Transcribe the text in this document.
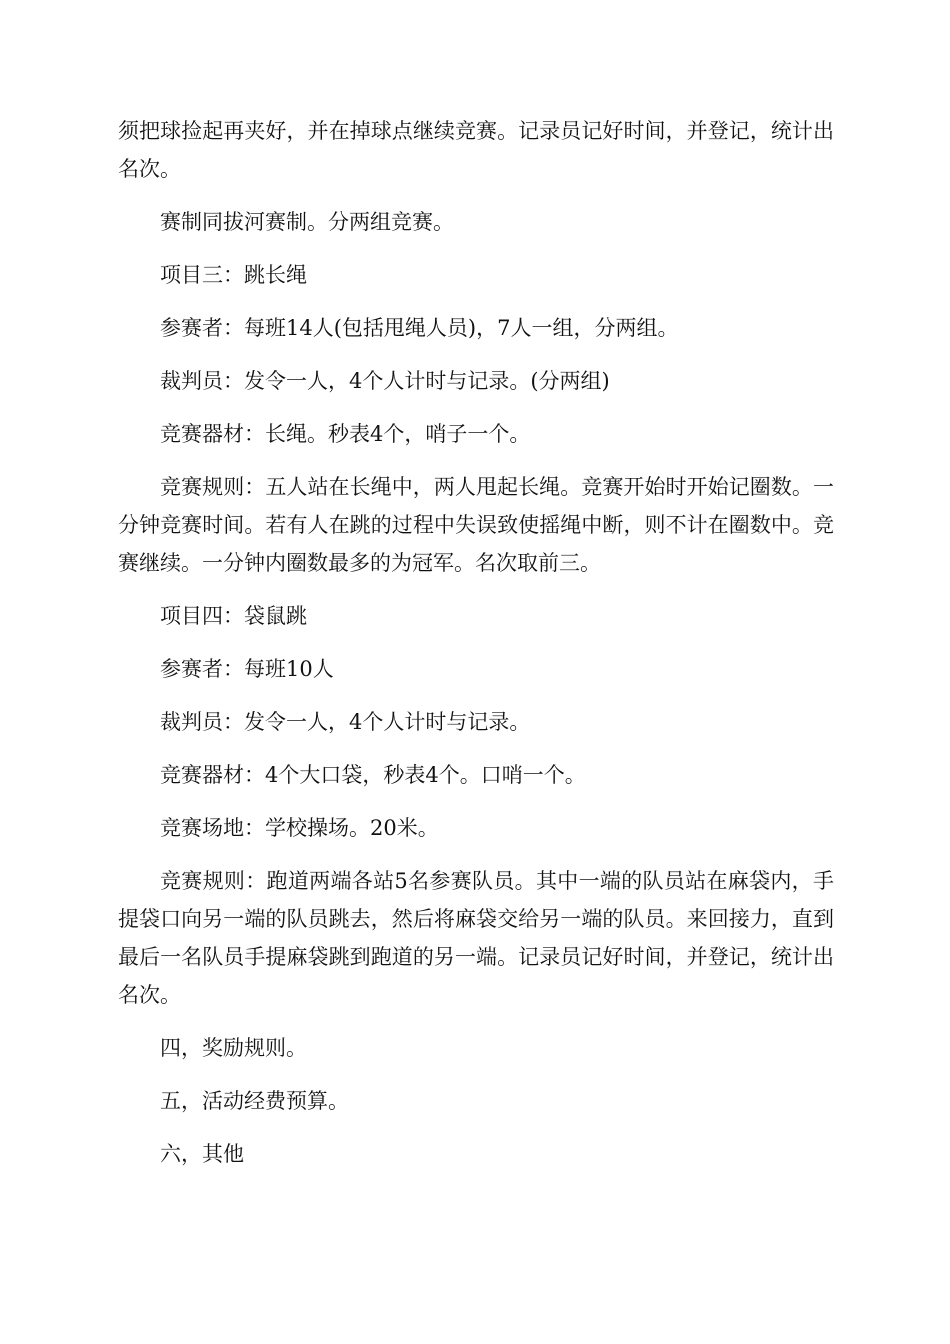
须把球捡起再夹好，并在掉球点继续竞赛。记录员记好时间，并登记，统计出名次。

赛制同拔河赛制。分两组竞赛。

项目三：跳长绳

参赛者：每班14人(包括甩绳人员)，7人一组，分两组。

裁判员：发令一人，4个人计时与记录。(分两组)

竞赛器材：长绳。秒表4个，哨子一个。

竞赛规则：五人站在长绳中，两人甩起长绳。竞赛开始时开始记圈数。一分钟竞赛时间。若有人在跳的过程中失误致使摇绳中断，则不计在圈数中。竞赛继续。一分钟内圈数最多的为冠军。名次取前三。

项目四：袋鼠跳

参赛者：每班10人

裁判员：发令一人，4个人计时与记录。

竞赛器材：4个大口袋，秒表4个。口哨一个。

竞赛场地：学校操场。20米。

竞赛规则：跑道两端各站5名参赛队员。其中一端的队员站在麻袋内，手提袋口向另一端的队员跳去，然后将麻袋交给另一端的队员。来回接力，直到最后一名队员手提麻袋跳到跑道的另一端。记录员记好时间，并登记，统计出名次。

四，奖励规则。

五，活动经费预算。

六，其他
